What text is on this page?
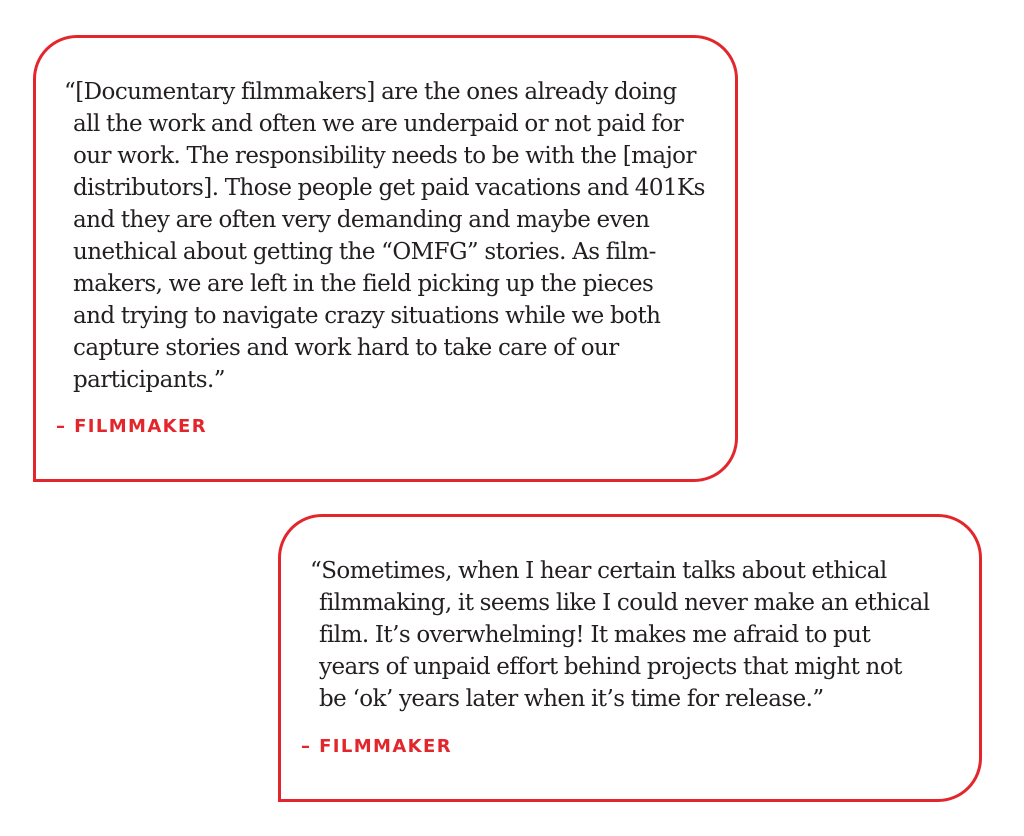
“[Documentary filmmakers] are the ones already doing
all the work and often we are underpaid or not paid for
our work. The responsibility needs to be with the [major
distributors]. Those people get paid vacations and 401Ks
and they are often very demanding and maybe even
unethical about getting the “OMFG” stories. As film-
makers, we are left in the field picking up the pieces
and trying to navigate crazy situations while we both
capture stories and work hard to take care of our
participants.”

– FILMMAKER

“Sometimes, when I hear certain talks about ethical
filmmaking, it seems like I could never make an ethical
film. It’s overwhelming! It makes me afraid to put
years of unpaid effort behind projects that might not
be ‘ok’ years later when it’s time for release.”

– FILMMAKER
